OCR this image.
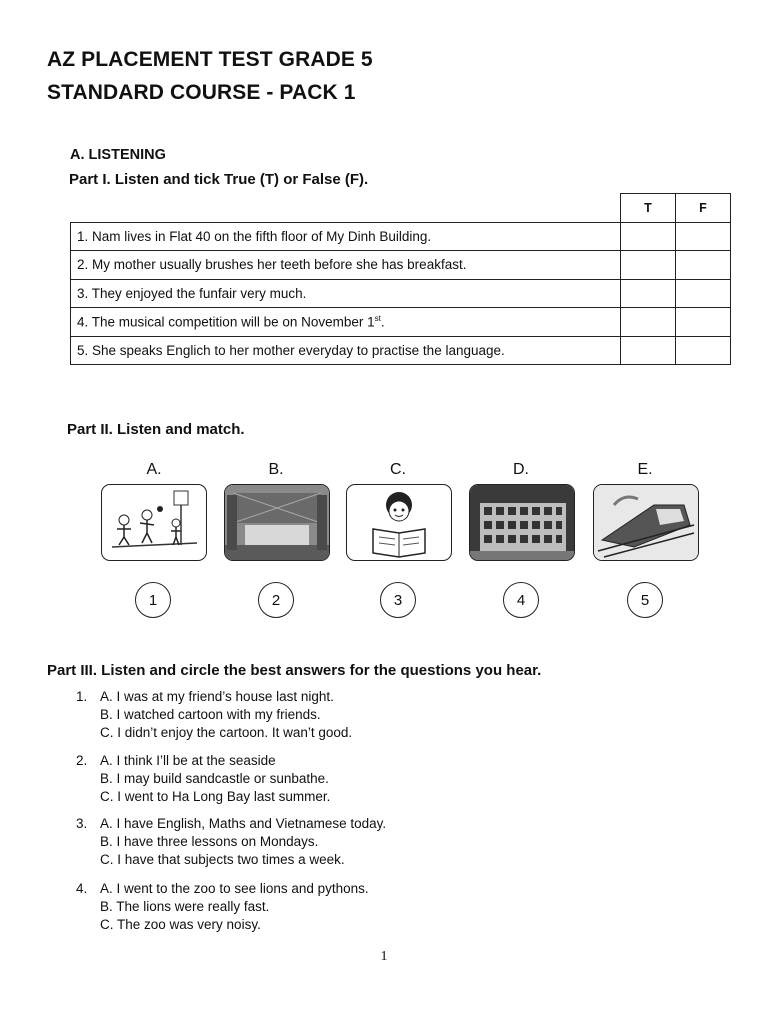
AZ PLACEMENT TEST GRADE 5
STANDARD COURSE - PACK 1
A. LISTENING
Part I. Listen and tick True (T) or False (F).
	T	F
1. Nam lives in Flat 40 on the fifth floor of My Dinh Building.		
2. My mother usually brushes her teeth before she has breakfast.		
3. They enjoyed the funfair very much.		
4. The musical competition will be on November 1st.		
5. She speaks Englich to her mother everyday to practise the language.		
Part II. Listen and match.
A.	B.	C.	D.	E.
1	2	3	4	5
Part III. Listen and circle the best answers for the questions you hear.
1. A. I was at my friend’s house last night.
B. I watched cartoon with my friends.
C. I didn’t enjoy the cartoon. It wan’t good.
2. A. I think I’ll be at the seaside
B. I may build sandcastle or sunbathe.
C. I went to Ha Long Bay last summer.
3. A. I have English, Maths and Vietnamese today.
B. I have three lessons on Mondays.
C. I have that subjects two times a week.
4. A. I went to the zoo to see lions and pythons.
B. The lions were really fast.
C. The zoo was very noisy.
1
